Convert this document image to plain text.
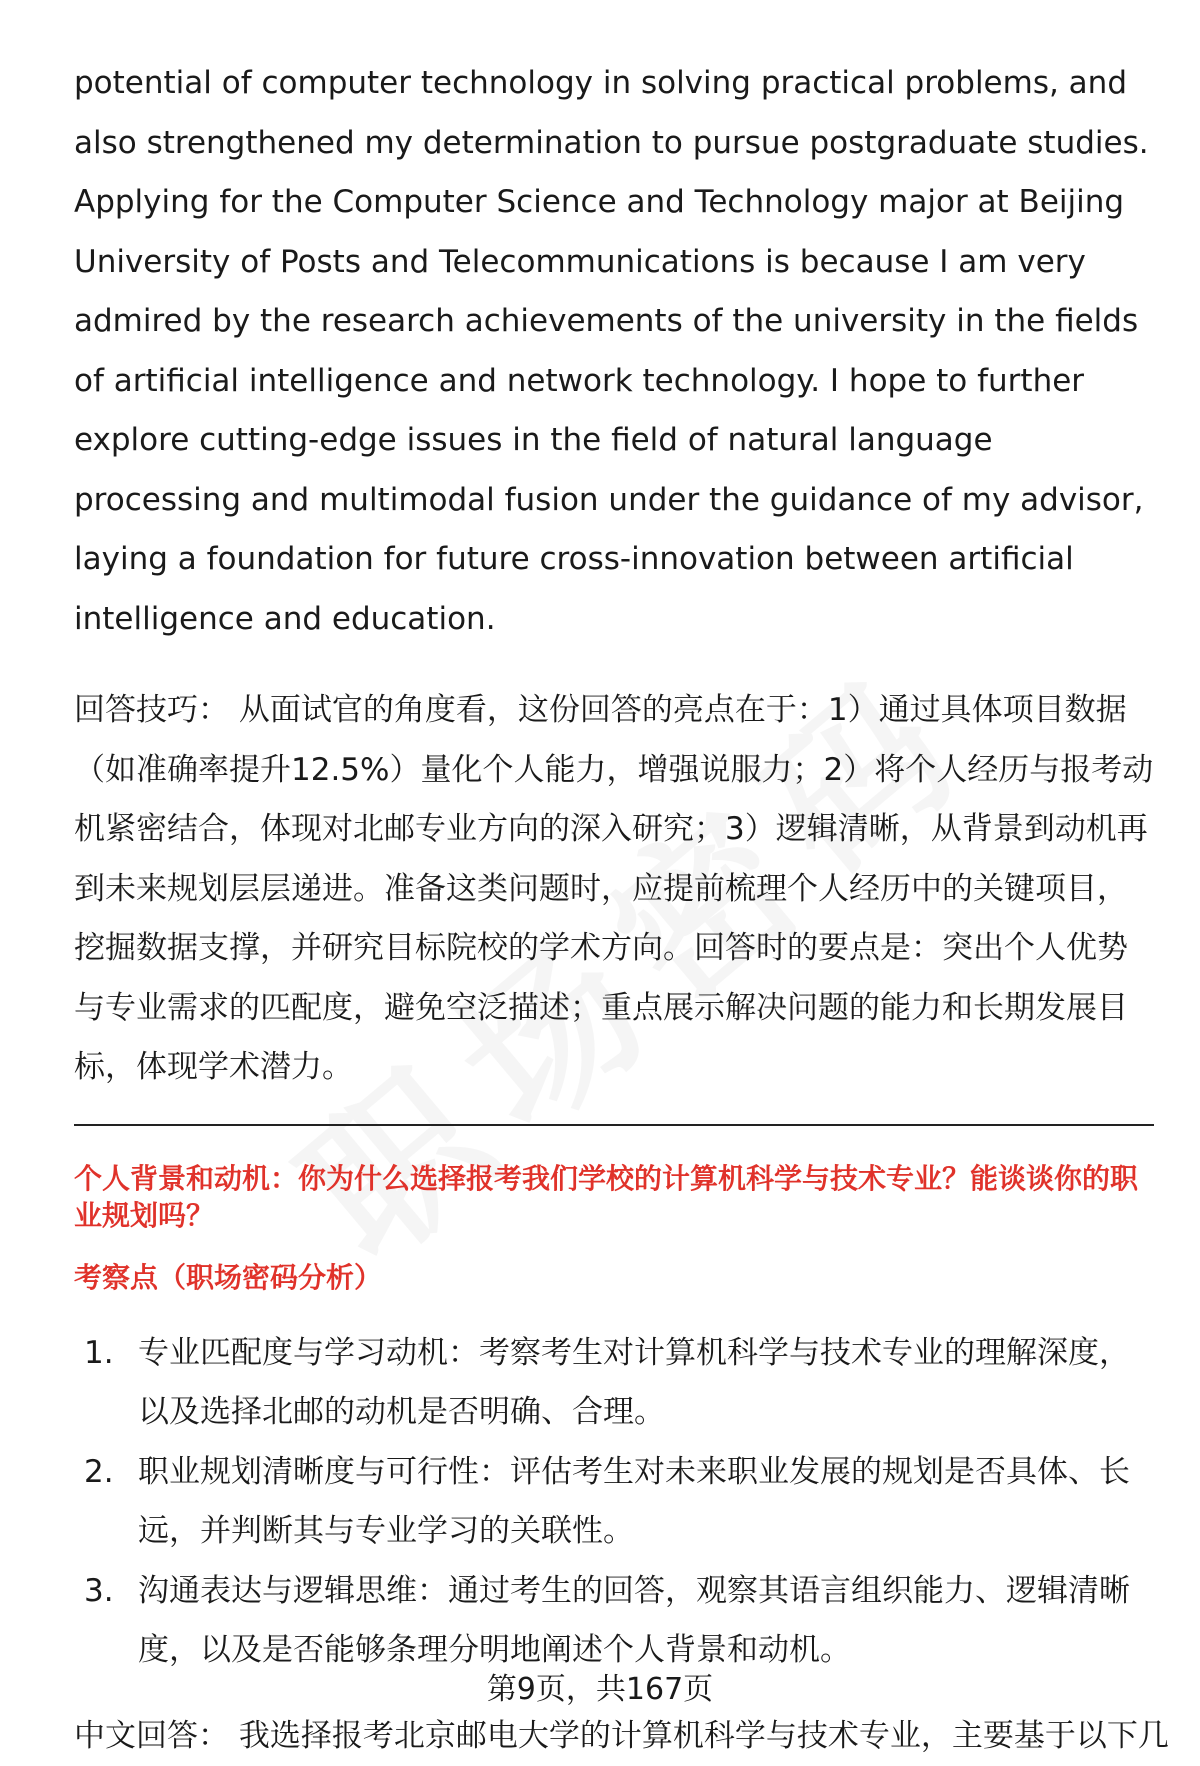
potential of computer technology in solving practical problems, and also strengthened my determination to pursue postgraduate studies. Applying for the Computer Science and Technology major at Beijing University of Posts and Telecommunications is because I am very admired by the research achievements of the university in the fields of artificial intelligence and network technology. I hope to further explore cutting-edge issues in the field of natural language processing and multimodal fusion under the guidance of my advisor, laying a foundation for future cross-innovation between artificial intelligence and education.

回答技巧： 从面试官的角度看，这份回答的亮点在于：1）通过具体项目数据（如准确率提升12.5%）量化个人能力，增强说服力；2）将个人经历与报考动机紧密结合，体现对北邮专业方向的深入研究；3）逻辑清晰，从背景到动机再到未来规划层层递进。准备这类问题时，应提前梳理个人经历中的关键项目，挖掘数据支撑，并研究目标院校的学术方向。回答时的要点是：突出个人优势与专业需求的匹配度，避免空泛描述；重点展示解决问题的能力和长期发展目标，体现学术潜力。

个人背景和动机：你为什么选择报考我们学校的计算机科学与技术专业？能谈谈你的职业规划吗？

考察点（职场密码分析）

1. 专业匹配度与学习动机：考察考生对计算机科学与技术专业的理解深度，以及选择北邮的动机是否明确、合理。
2. 职业规划清晰度与可行性：评估考生对未来职业发展的规划是否具体、长远，并判断其与专业学习的关联性。
3. 沟通表达与逻辑思维：通过考生的回答，观察其语言组织能力、逻辑清晰度，以及是否能够条理分明地阐述个人背景和动机。

中文回答： 我选择报考北京邮电大学的计算机科学与技术专业，主要基于以下几

第9页，共167页
